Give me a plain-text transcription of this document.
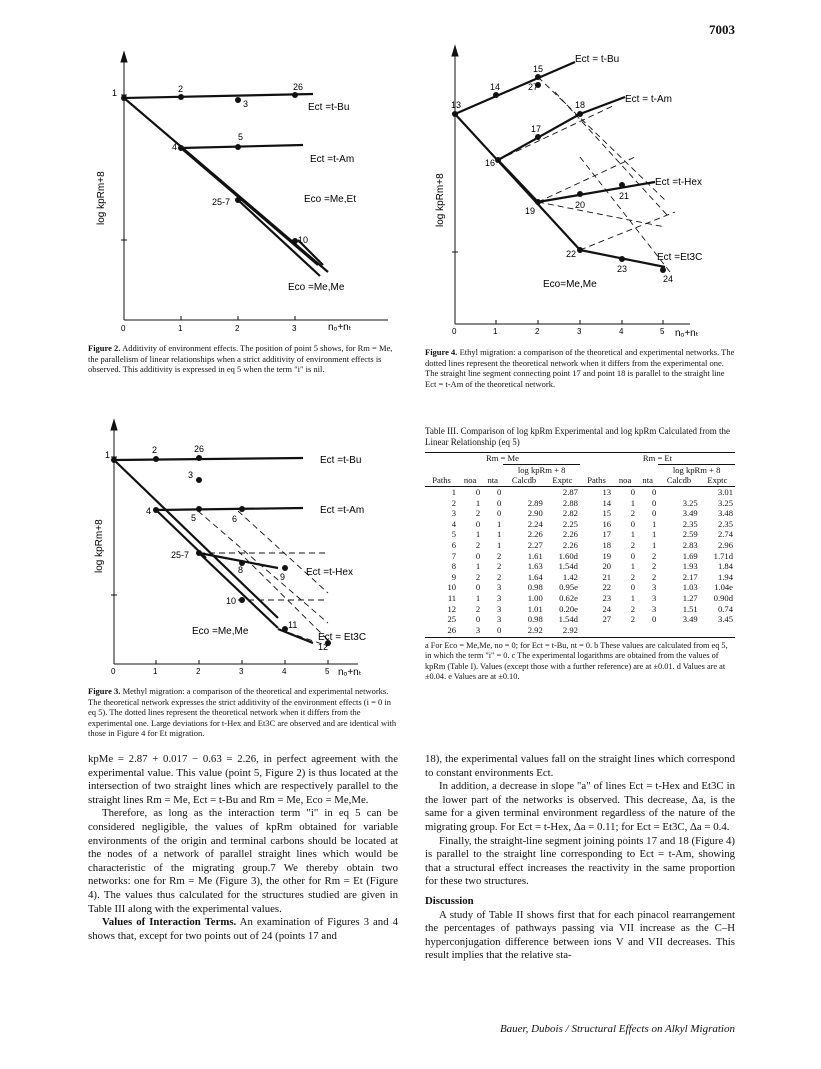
7003
1	2
3
26
4
5
25-7
10
Ect =t-Bu
Ect =t-Am
Eco =Me,Et
Eco =Me,Me
log kpRm+8
0	1	2	3	nₒ+nₜ
Figure 2. Additivity of environment effects. The position of point 5 shows, for Rm = Me, the parallelism of linear relationships when a strict additivity of environment effects is observed. This additivity is expressed in eq 5 when the term "i" is nil.
1	2	26
3
4
5	6
25-7
8
9
10
11
12
Ect =t-Bu
Ect =t-Am
Ect =t-Hex
Eco =Me,Me
Ect = Et3C
log kpRm+8
0	1	2	3	4	5 nₒ+nₜ
Figure 3. Methyl migration: a comparison of the theoretical and experimental networks. The theoretical network expresses the strict additivity of the environment effects (i = 0 in eq 5). The dotted lines represent the theoretical network when it differs from the experimental one. Large deviations for t-Hex and Et3C are observed and are identical with those in Figure 4 for Et migration.
13
14
15
27
18
17
16
21
20
19
22
23
24
Ect = t-Bu
Ect = t-Am
Ect =t-Hex
Ect =Et3C
Eco=Me,Me
log kpRm+8
0	1	2	3	4	5 nₒ+nₜ
Figure 4. Ethyl migration: a comparison of the theoretical and experimental networks. The dotted lines represent the theoretical network when it differs from the experimental one. The straight line segment connecting point 17 and point 18 is parallel to the straight line Ect = t-Am of the theoretical network.
Table III. Comparison of log kpRm Experimental and log kpRm Calculated from the Linear Relationship (eq 5)
Rm = Me					Rm = Et				
			log kpRm + 8					log kpRm + 8	
Paths	noa	nta	Calcdb	Exptc	Paths	noa	nta	Calcdb	Exptc
1	0	0		2.87	13	0	0		3.01
2	1	0	2.89	2.88	14	1	0	3.25	3.25
3	2	0	2.90	2.82	15	2	0	3.49	3.48
4	0	1	2.24	2.25	16	0	1	2.35	2.35
5	1	1	2.26	2.26	17	1	1	2.59	2.74
6	2	1	2.27	2.26	18	2	1	2.83	2.96
7	0	2	1.61	1.60d	19	0	2	1.69	1.71d
8	1	2	1.63	1.54d	20	1	2	1.93	1.84
9	2	2	1.64	1.42	21	2	2	2.17	1.94
10	0	3	0.98	0.95e	22	0	3	1.03	1.04e
11	1	3	1.00	0.62e	23	1	3	1.27	0.90d
12	2	3	1.01	0.20e	24	2	3	1.51	0.74
25	0	3	0.98	1.54d	27	2	0	3.49	3.45
26	3	0	2.92	2.92					
a For Eco = Me,Me, no = 0; for Ect = t-Bu, nt = 0. b These values are calculated from eq 5, in which the term "i" = 0. c The experimental logarithms are obtained from the values of kpRm (Table I). Values (except those with a further reference) are at ±0.01. d Values are at ±0.04. e Values are at ±0.10.

kpMe = 2.87 + 0.017 − 0.63 = 2.26, in perfect agreement with the experimental value. This value (point 5, Figure 2) is thus located at the intersection of two straight lines which are respectively parallel to the straight lines Rm = Me, Ect = t-Bu and Rm = Me, Eco = Me,Me.

Therefore, as long as the interaction term "i" in eq 5 can be considered negligible, the values of kpRm obtained for variable environments of the origin and terminal carbons should be located at the nodes of a network of parallel straight lines which would be characteristic of the migrating group.7 We thereby obtain two networks: one for Rm = Me (Figure 3), the other for Rm = Et (Figure 4). The values thus calculated for the structures studied are given in Table III along with the experimental values.

Values of Interaction Terms. An examination of Figures 3 and 4 shows that, except for two points out of 24 (points 17 and

18), the experimental values fall on the straight lines which correspond to constant environments Ect.

In addition, a decrease in slope "a" of lines Ect = t-Hex and Et3C in the lower part of the networks is observed. This decrease, Δa, is the same for a given terminal environment regardless of the nature of the migrating group. For Ect = t-Hex, Δa = 0.11; for Ect = Et3C, Δa = 0.4.

Finally, the straight-line segment joining points 17 and 18 (Figure 4) is parallel to the straight line corresponding to Ect = t-Am, showing that a structural effect increases the reactivity in the same proportion for these two structures.

Discussion

A study of Table II shows first that for each pinacol rearrangement the percentages of pathways passing via VII increase as the C–H hyperconjugation difference between ions V and VII decreases. This result implies that the relative sta-

Bauer, Dubois / Structural Effects on Alkyl Migration
